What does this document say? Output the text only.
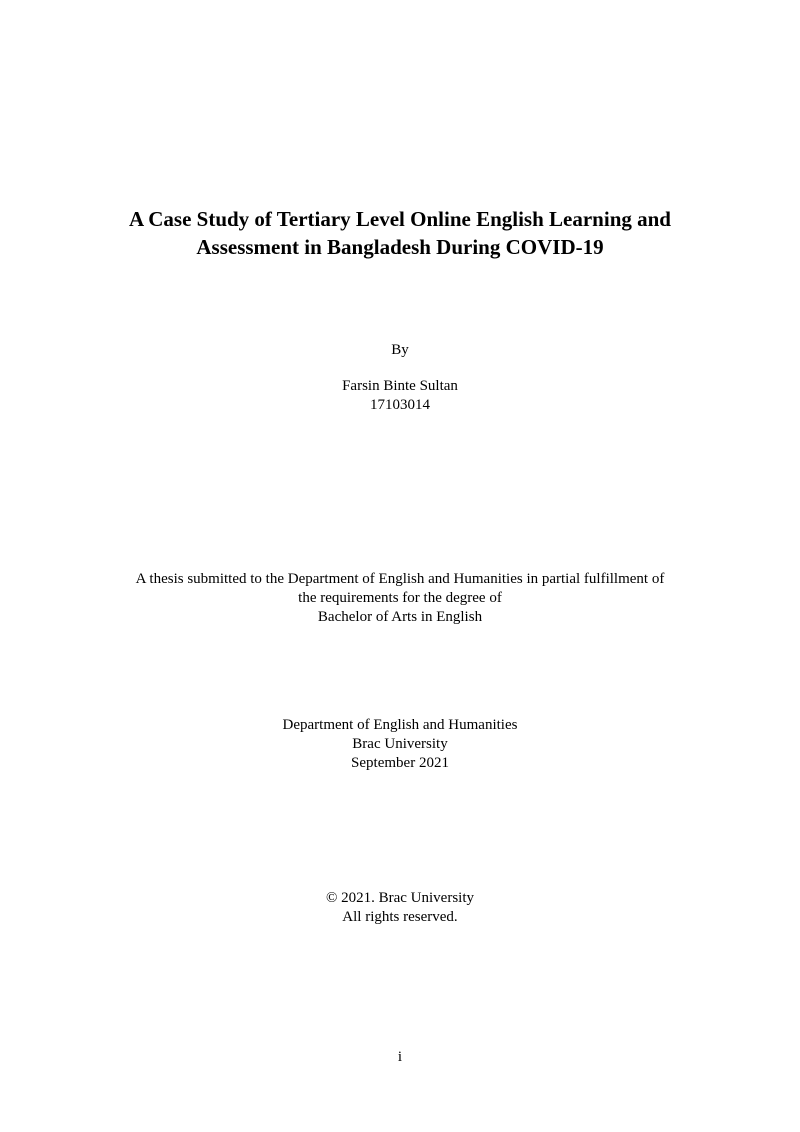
A Case Study of Tertiary Level Online English Learning and
Assessment in Bangladesh During COVID-19
By
Farsin Binte Sultan
17103014
A thesis submitted to the Department of English and Humanities in partial fulfillment of
the requirements for the degree of
Bachelor of Arts in English
Department of English and Humanities
Brac University
September 2021
© 2021. Brac University
All rights reserved.
i
